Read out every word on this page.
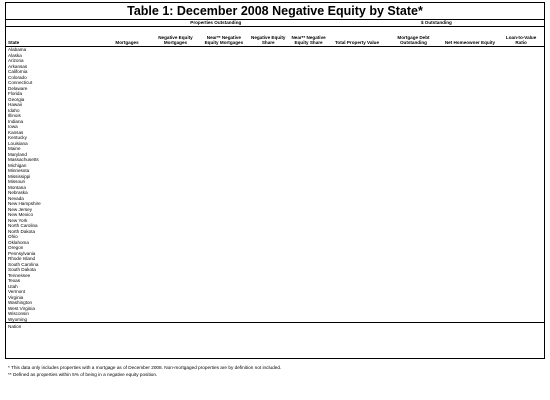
Table 1: December 2008 Negative Equity by State*
Properties Outstanding	$ Outstanding
State	Mortgages	Negative Equity Mortgages	Near** Negative Equity Mortgages	Negative Equity Share	Near** Negative Equity Share	Total Property Value	Mortgage Debt Outstanding	Net Homeowner Equity	Loan-to-Value Ratio
Alabama									
Alaska									
Arizona									
Arkansas									
California									
Colorado									
Connecticut									
Delaware									
Florida									
Georgia									
Hawaii									
Idaho									
Illinois									
Indiana									
Iowa									
Kansas									
Kentucky									
Louisiana									
Maine									
Maryland									
Massachusetts									
Michigan									
Minnesota									
Mississippi									
Missouri									
Montana									
Nebraska									
Nevada									
New Hampshire									
New Jersey									
New Mexico									
New York									
North Carolina									
North Dakota									
Ohio									
Oklahoma									
Oregon									
Pennsylvania									
Rhode Island									
South Carolina									
South Dakota									
Tennessee									
Texas									
Utah									
Vermont									
Virginia									
Washington									
West Virginia									
Wisconsin									
Wyoming									
Nation									
* This data only includes properties with a mortgage as of December 2008. Non-mortgaged properties are by definition not included.
** Defined as properties within 5% of being in a negative equity position.
